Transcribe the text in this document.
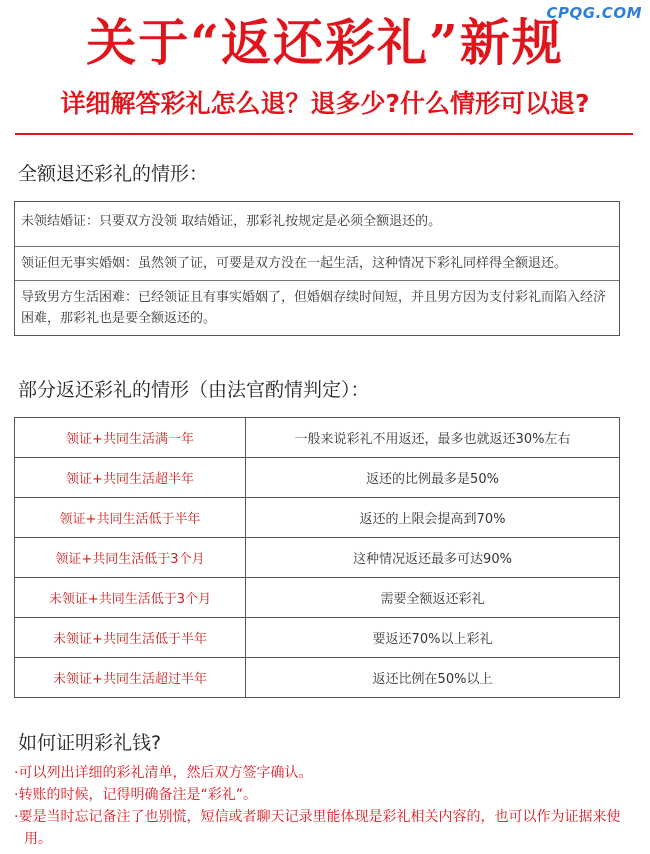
CPQG.COM
关于“返还彩礼”新规
详细解答彩礼怎么退？退多少?什么情形可以退?
全额退还彩礼的情形：
未领结婚证：只要双方没领 取结婚证，那彩礼按规定是必须全额退还的。
领证但无事实婚姻：虽然领了证，可要是双方没在一起生活，这种情况下彩礼同样得全额退还。
导致男方生活困难：已经领证且有事实婚姻了，但婚姻存续时间短，并且男方因为支付彩礼而陷入经济困难，那彩礼也是要全额返还的。
部分返还彩礼的情形（由法官酌情判定）：
领证+共同生活满一年	一般来说彩礼不用返还，最多也就返还30%左右
领证+共同生活超半年	返还的比例最多是50%
领证+共同生活低于半年	返还的上限会提高到70%
领证+共同生活低于3个月	这种情况返还最多可达90%
未领证+共同生活低于3个月	需要全额返还彩礼
未领证+共同生活低于半年	要返还70%以上彩礼
未领证+共同生活超过半年	返还比例在50%以上
如何证明彩礼钱?
·可以列出详细的彩礼清单，然后双方签字确认。
·转账的时候，记得明确备注是“彩礼”。
·要是当时忘记备注了也别慌，短信或者聊天记录里能体现是彩礼相关内容的，也可以作为证据来使用。
